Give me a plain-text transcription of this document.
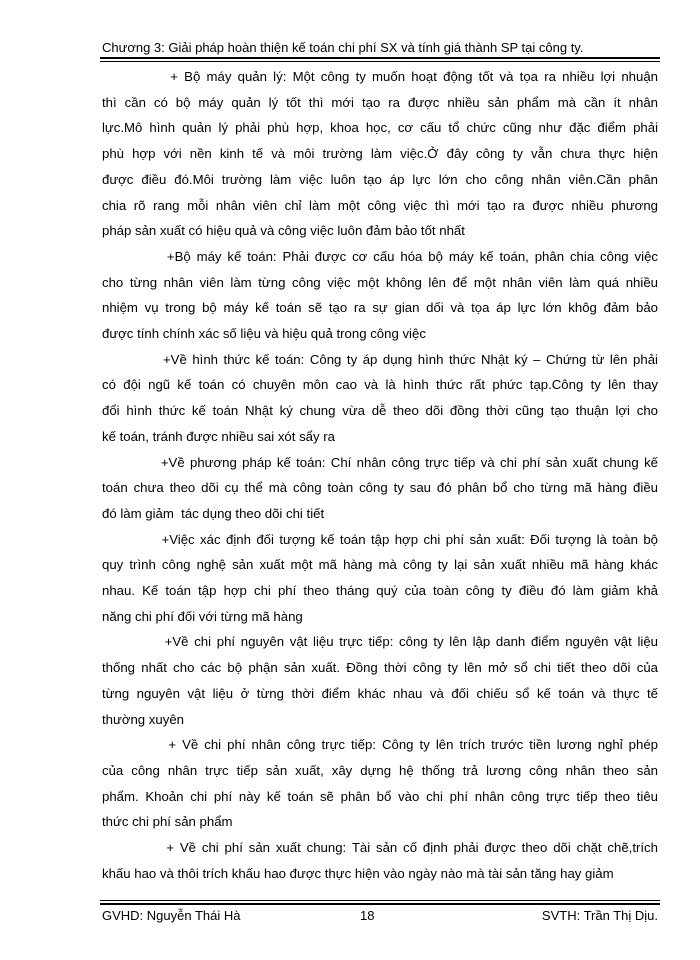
Chương 3: Giải pháp hoàn thiện kế toán chi phí SX và tính giá thành SP tại công ty.
+ Bộ máy quản lý: Một công ty muốn hoạt động tốt và tọa ra nhiều lợi nhuận
thì cần có bộ máy quản lý tốt thì mới tạo ra được nhiều sản phẩm mà cần ít nhân
lực.Mô hình quản lý phải phù hợp, khoa học, cơ cấu tổ chức cũng như đặc điểm phải
phù hợp với nền kinh tế và môi trường làm việc.Ở đây công ty vẫn chưa thực hiện
được điều đó.Môi trường làm việc luôn tạo áp lực lớn cho công nhân viên.Cần phân
chia rõ rang mỗi nhân viên chỉ làm một công việc thì mới tạo ra được nhiều phương
pháp sản xuất có hiệu quả và công việc luôn đảm bảo tốt nhất
+Bộ máy kế toán: Phải được cơ cấu hóa bộ máy kế toán, phân chia công việc
cho từng nhân viên làm từng công việc một không lên để một nhân viên làm quá nhiều
nhiệm vụ trong bộ máy kế toán sẽ tạo ra sự gian dối và tọa áp lực lớn khôg đảm bảo
được tính chính xác số liệu và hiệu quả trong công việc
+Về hình thức kế toán: Công ty áp dụng hình thức Nhật ký – Chứng từ lên phải
có đội ngũ kế toán có chuyên môn cao và là hình thức rất phức tạp.Công ty lên thay
đổi hình thức kế toán Nhật ký chung vừa dễ theo dõi đồng thời cũng tạo thuận lợi cho
kế toán, tránh được nhiều sai xót sẩy ra
+Về phương pháp kế toán: Chí nhân công trực tiếp và chi phí sản xuất chung kế
toán chưa theo dõi cụ thể mà công toàn công ty sau đó phân bổ cho từng mã hàng điều
đó làm giảm  tác dụng theo dõi chi tiết
+Việc xác định đối tượng kế toán tập hợp chi phí sản xuất: Đối tượng là toàn bộ
quy trình công nghệ sản xuất một mã hàng mà công ty lại sản xuất nhiều mã hàng khác
nhau. Kế toán tập hợp chi phí theo tháng quý của toàn công ty điều đó làm giảm khả
năng chi phí đối với từng mã hàng
+Về chi phí nguyên vật liệu trực tiếp: công ty lên lập danh điểm nguyên vật liệu
thống nhất cho các bộ phận sản xuất. Đồng thời công ty lên mở sổ chi tiết theo dõi của
từng nguyên vật liệu ở từng thời điểm khác nhau và đối chiếu sổ kế toán và thực tế
thường xuyên
+ Về chi phí nhân công trực tiếp: Công ty lên trích trước tiền lương nghỉ phép
của công nhân trực tiếp sản xuất, xây dựng hệ thống trả lương công nhân theo sản
phẩm. Khoản chi phí này kế toán sẽ phân bổ vào chi phí nhân công trực tiếp theo tiêu
thức chi phí sản phẩm
+ Về chi phí sản xuất chung: Tài sản cố định phải được theo dõi chặt chẽ,trích
khấu hao và thôi trích khấu hao được thực hiện vào ngày nào mà tài sản tăng hay giảm
GVHD: Nguyễn Thái Hà	18	SVTH: Trần Thị Dịu.
